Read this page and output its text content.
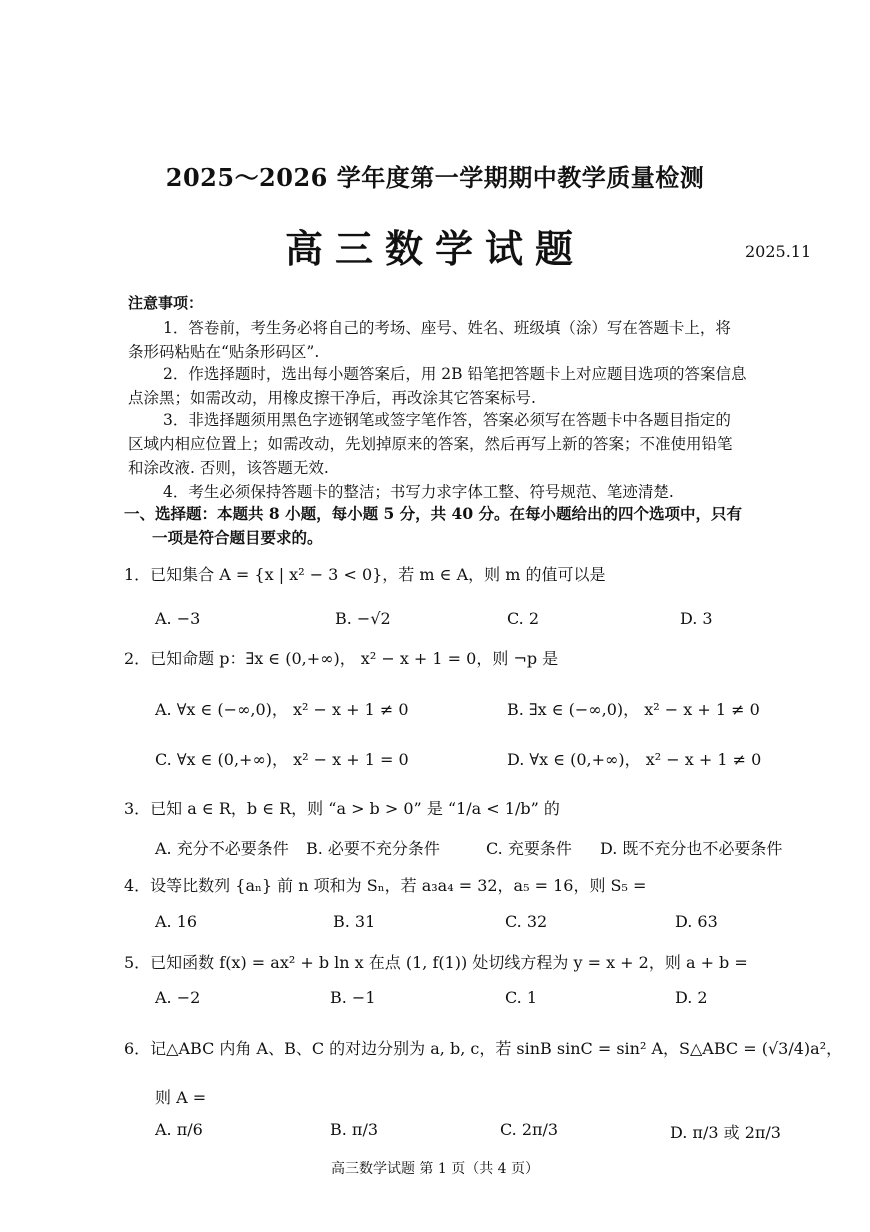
2025～2026 学年度第一学期期中教学质量检测
高三数学试题	2025.11
注意事项：
1．答卷前，考生务必将自己的考场、座号、姓名、班级填（涂）写在答题卡上，将
条形码粘贴在“贴条形码区”.
2．作选择题时，选出每小题答案后，用 2B 铅笔把答题卡上对应题目选项的答案信息
点涂黑；如需改动，用橡皮擦干净后，再改涂其它答案标号.
3．非选择题须用黑色字迹钢笔或签字笔作答，答案必须写在答题卡中各题目指定的
区域内相应位置上；如需改动，先划掉原来的答案，然后再写上新的答案；不准使用铅笔
和涂改液. 否则，该答题无效.
4．考生必须保持答题卡的整洁；书写力求字体工整、符号规范、笔迹清楚.
一、选择题：本题共 8 小题，每小题 5 分，共 40 分。在每小题给出的四个选项中，只有
一项是符合题目要求的。
1．已知集合 A = {x | x² − 3 < 0}，若 m ∈ A，则 m 的值可以是
A. −3	B. −√2	C. 2	D. 3
2．已知命题 p：∃x ∈ (0,+∞)， x² − x + 1 = 0，则 ¬p 是
A. ∀x ∈ (−∞,0)， x² − x + 1 ≠ 0	B. ∃x ∈ (−∞,0)， x² − x + 1 ≠ 0
C. ∀x ∈ (0,+∞)， x² − x + 1 = 0	D. ∀x ∈ (0,+∞)， x² − x + 1 ≠ 0
3．已知 a ∈ R，b ∈ R，则 “a > b > 0” 是 “1/a < 1/b” 的
A. 充分不必要条件 B. 必要不充分条件	C. 充要条件 D. 既不充分也不必要条件
4．设等比数列 {aₙ} 前 n 项和为 Sₙ，若 a₃a₄ = 32，a₅ = 16，则 S₅ =
A. 16	B. 31	C. 32	D. 63
5．已知函数 f(x) = ax² + b ln x 在点 (1, f(1)) 处切线方程为 y = x + 2，则 a + b =
A. −2	B. −1	C. 1	D. 2
6．记△ABC 内角 A、B、C 的对边分别为 a, b, c，若 sinB sinC = sin² A，S△ABC = (√3/4)a²，
则 A =
A. π/6	B. π/3	C. 2π/3	D. π/3 或 2π/3
高三数学试题 第 1 页（共 4 页）
